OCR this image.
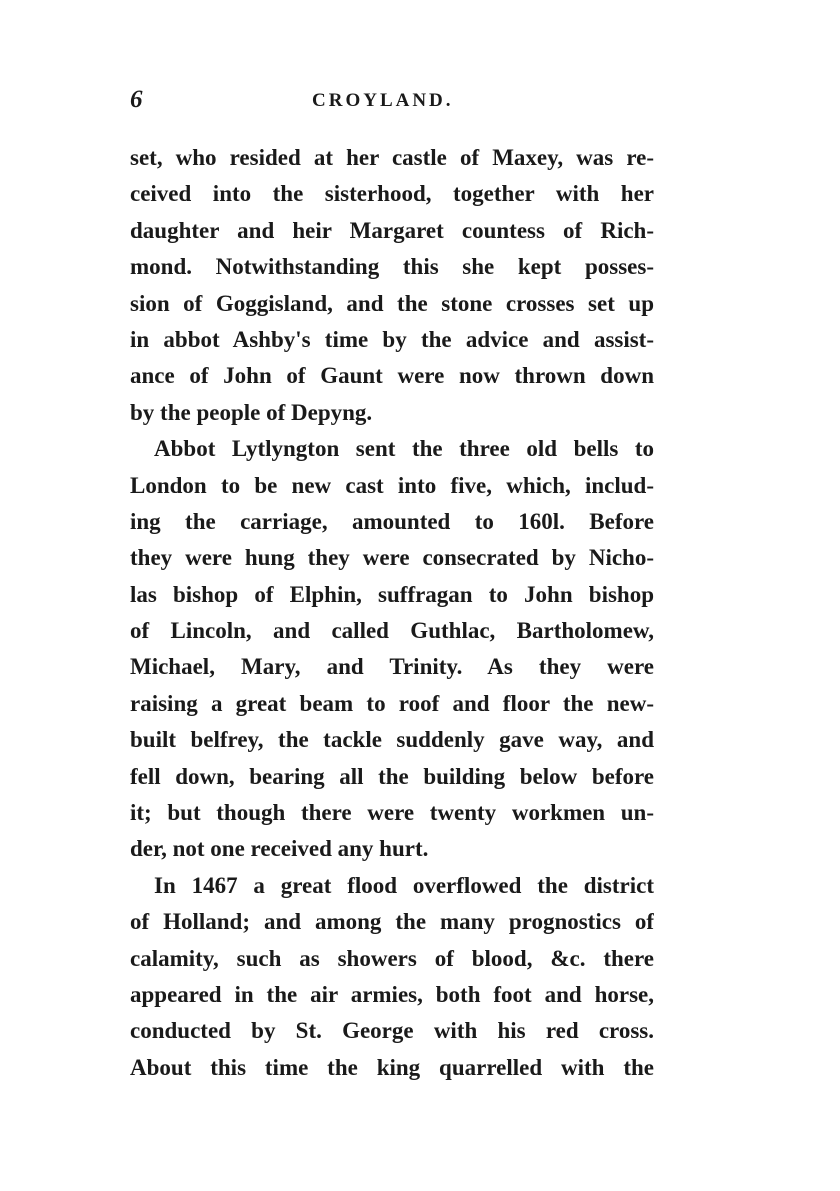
6	CROYLAND.
set, who resided at her castle of Maxey, was re-
ceived into the sisterhood, together with her
daughter and heir Margaret countess of Rich-
mond. Notwithstanding this she kept posses-
sion of Goggisland, and the stone crosses set up
in abbot Ashby's time by the advice and assist-
ance of John of Gaunt were now thrown down
by the people of Depyng.
Abbot Lytlyngton sent the three old bells to
London to be new cast into five, which, includ-
ing the carriage, amounted to 160l. Before
they were hung they were consecrated by Nicho-
las bishop of Elphin, suffragan to John bishop
of Lincoln, and called Guthlac, Bartholomew,
Michael, Mary, and Trinity. As they were
raising a great beam to roof and floor the new-
built belfrey, the tackle suddenly gave way, and
fell down, bearing all the building below before
it; but though there were twenty workmen un-
der, not one received any hurt.
In 1467 a great flood overflowed the district
of Holland; and among the many prognostics of
calamity, such as showers of blood, &c. there
appeared in the air armies, both foot and horse,
conducted by St. George with his red cross.
About this time the king quarrelled with the
